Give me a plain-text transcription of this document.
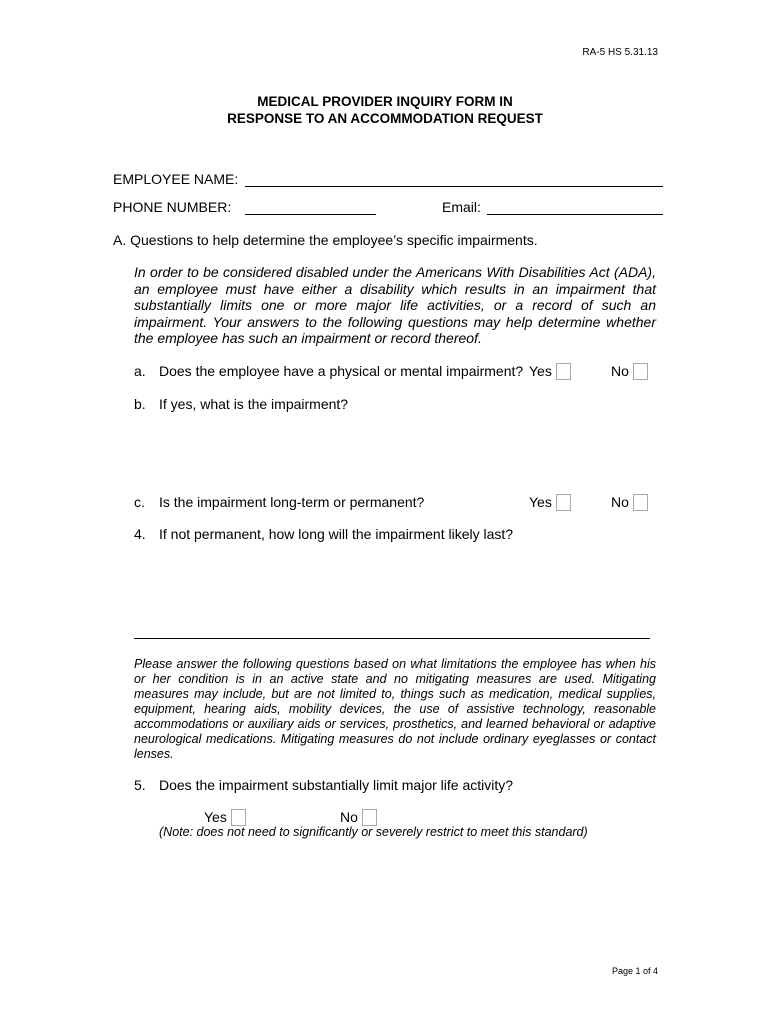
RA-5 HS 5.31.13
MEDICAL PROVIDER INQUIRY FORM IN
RESPONSE TO AN ACCOMMODATION REQUEST
EMPLOYEE NAME:
PHONE NUMBER:	Email:
A. Questions to help determine the employee’s specific impairments.
In order to be considered disabled under the Americans With Disabilities Act (ADA), an employee must have either a disability which results in an impairment that substantially limits one or more major life activities, or a record of such an impairment. Your answers to the following questions may help determine whether the employee has such an impairment or record thereof.
a. Does the employee have a physical or mental impairment? Yes	No
b. If yes, what is the impairment?
c. Is the impairment long-term or permanent?	Yes	No
4. If not permanent, how long will the impairment likely last?
Please answer the following questions based on what limitations the employee has when his or her condition is in an active state and no mitigating measures are used. Mitigating measures may include, but are not limited to, things such as medication, medical supplies, equipment, hearing aids, mobility devices, the use of assistive technology, reasonable accommodations or auxiliary aids or services, prosthetics, and learned behavioral or adaptive neurological medications. Mitigating measures do not include ordinary eyeglasses or contact lenses.
5. Does the impairment substantially limit major life activity?
Yes	No
(Note: does not need to significantly or severely restrict to meet this standard)
Page 1 of 4
